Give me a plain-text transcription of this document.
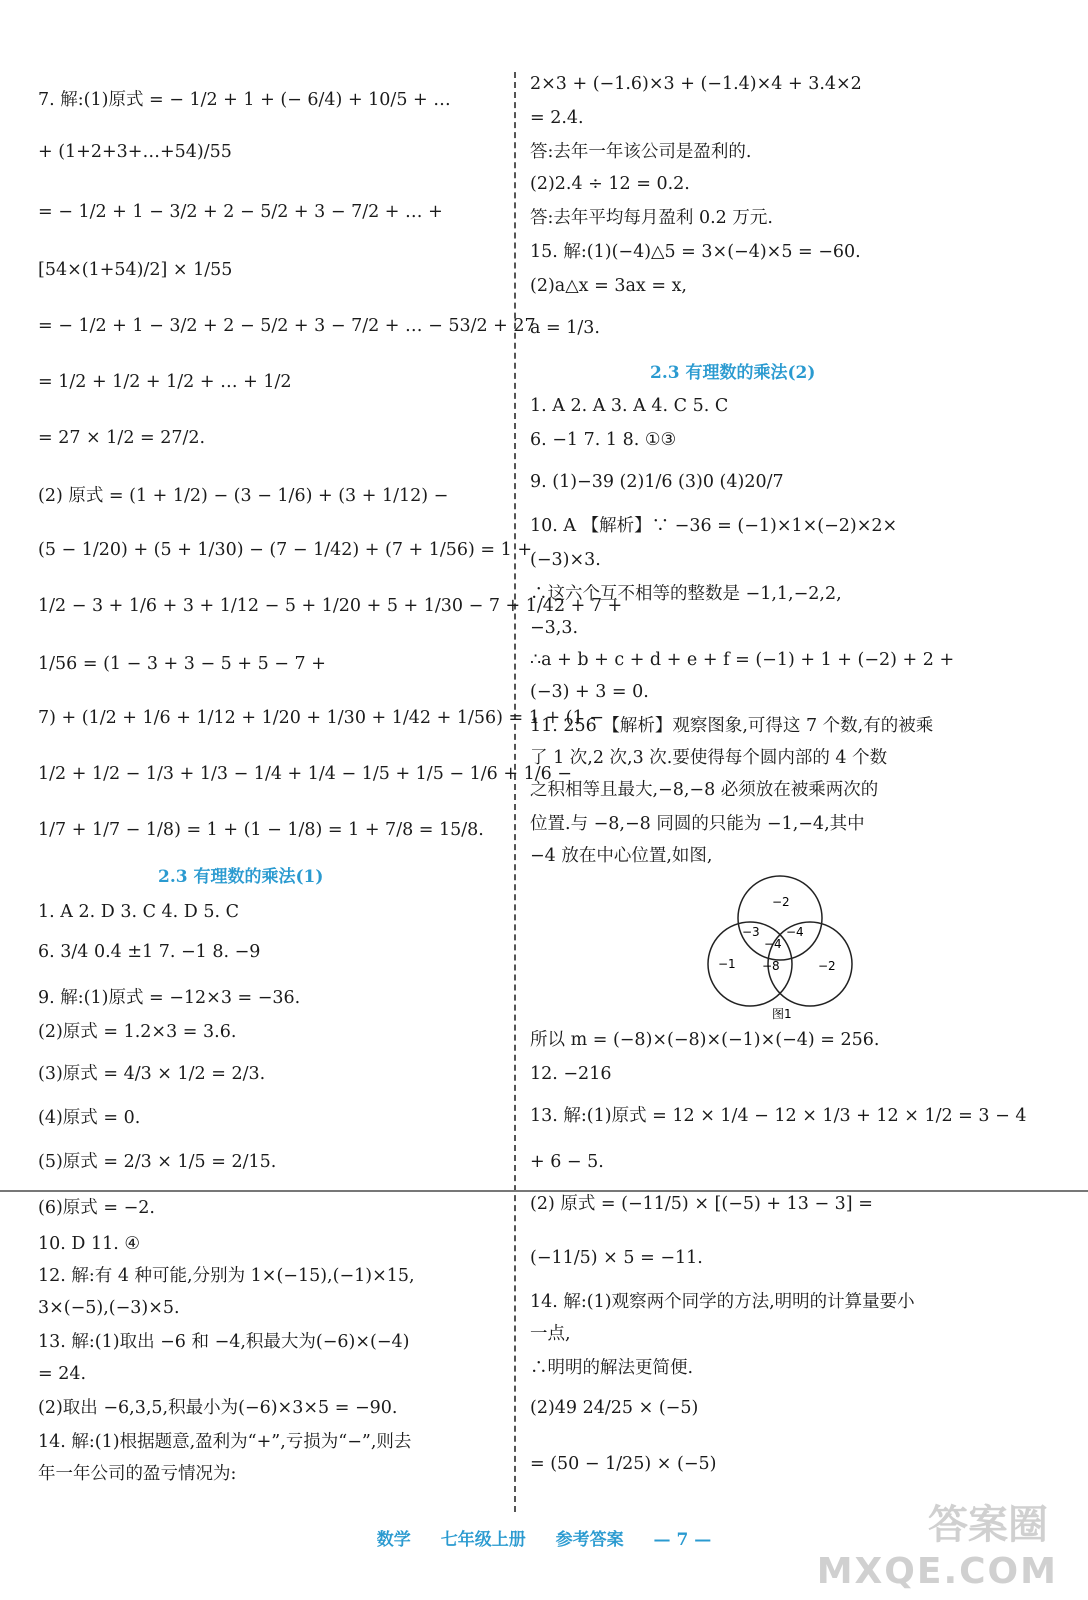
7. 解:(1)原式 = − 1/2 + 1 + (− 6/4) + 10/5 + …
+ (1+2+3+…+54)/55
= − 1/2 + 1 − 3/2 + 2 − 5/2 + 3 − 7/2 + … +
[54×(1+54)/2] × 1/55
= − 1/2 + 1 − 3/2 + 2 − 5/2 + 3 − 7/2 + … − 53/2 + 27
= 1/2 + 1/2 + 1/2 + … + 1/2
= 27 × 1/2 = 27/2.
(2) 原式 = (1 + 1/2) − (3 − 1/6) + (3 + 1/12) −
(5 − 1/20) + (5 + 1/30) − (7 − 1/42) + (7 + 1/56) = 1 +
1/2 − 3 + 1/6 + 3 + 1/12 − 5 + 1/20 + 5 + 1/30 − 7 + 1/42 + 7 +
1/56 = (1 − 3 + 3 − 5 + 5 − 7 +
7) + (1/2 + 1/6 + 1/12 + 1/20 + 1/30 + 1/42 + 1/56) = 1 + (1 −
1/2 + 1/2 − 1/3 + 1/3 − 1/4 + 1/4 − 1/5 + 1/5 − 1/6 + 1/6 −
1/7 + 1/7 − 1/8) = 1 + (1 − 1/8) = 1 + 7/8 = 15/8.
1. A 2. D 3. C 4. D 5. C
6. 3/4 0.4 ±1 7. −1 8. −9
9. 解:(1)原式 = −12×3 = −36.
(2)原式 = 1.2×3 = 3.6.
(3)原式 = 4/3 × 1/2 = 2/3.
(4)原式 = 0.
(5)原式 = 2/3 × 1/5 = 2/15.
(6)原式 = −2.
10. D 11. ④
12. 解:有 4 种可能,分别为 1×(−15),(−1)×15,
3×(−5),(−3)×5.
13. 解:(1)取出 −6 和 −4,积最大为(−6)×(−4)
= 24.
(2)取出 −6,3,5,积最小为(−6)×3×5 = −90.
14. 解:(1)根据题意,盈利为“+”,亏损为“−”,则去
年一年公司的盈亏情况为:
2.3 有理数的乘法(1)
2×3 + (−1.6)×3 + (−1.4)×4 + 3.4×2
= 2.4.
答:去年一年该公司是盈利的.
(2)2.4 ÷ 12 = 0.2.
答:去年平均每月盈利 0.2 万元.
15. 解:(1)(−4)△5 = 3×(−4)×5 = −60.
(2)a△x = 3ax = x,
a = 1/3.
1. A 2. A 3. A 4. C 5. C
6. −1 7. 1 8. ①③
9. (1)−39 (2)1/6 (3)0 (4)20/7
10. A 【解析】∵ −36 = (−1)×1×(−2)×2×
(−3)×3.
∴这六个互不相等的整数是 −1,1,−2,2,
−3,3.
∴a + b + c + d + e + f = (−1) + 1 + (−2) + 2 +
(−3) + 3 = 0.
11. 256 【解析】观察图象,可得这 7 个数,有的被乘
了 1 次,2 次,3 次.要使得每个圆内部的 4 个数
之积相等且最大,−8,−8 必须放在被乘两次的
位置.与 −8,−8 同圆的只能为 −1,−4,其中
−4 放在中心位置,如图,
所以 m = (−8)×(−8)×(−1)×(−4) = 256.
12. −216
13. 解:(1)原式 = 12 × 1/4 − 12 × 1/3 + 12 × 1/2 = 3 − 4
+ 6 − 5.
(2) 原式 = (−11/5) × [(−5) + 13 − 3] =
(−11/5) × 5 = −11.
14. 解:(1)观察两个同学的方法,明明的计算量要小
一点,
∴明明的解法更简便.
(2)49 24/25 × (−5)
= (50 − 1/25) × (−5)
2.3 有理数的乘法(2)
−2
−3 −4
−4
−1 −8	−2
图1
数学 七年级上册 参考答案 — 7 —	答案圈
MXQE.COM
